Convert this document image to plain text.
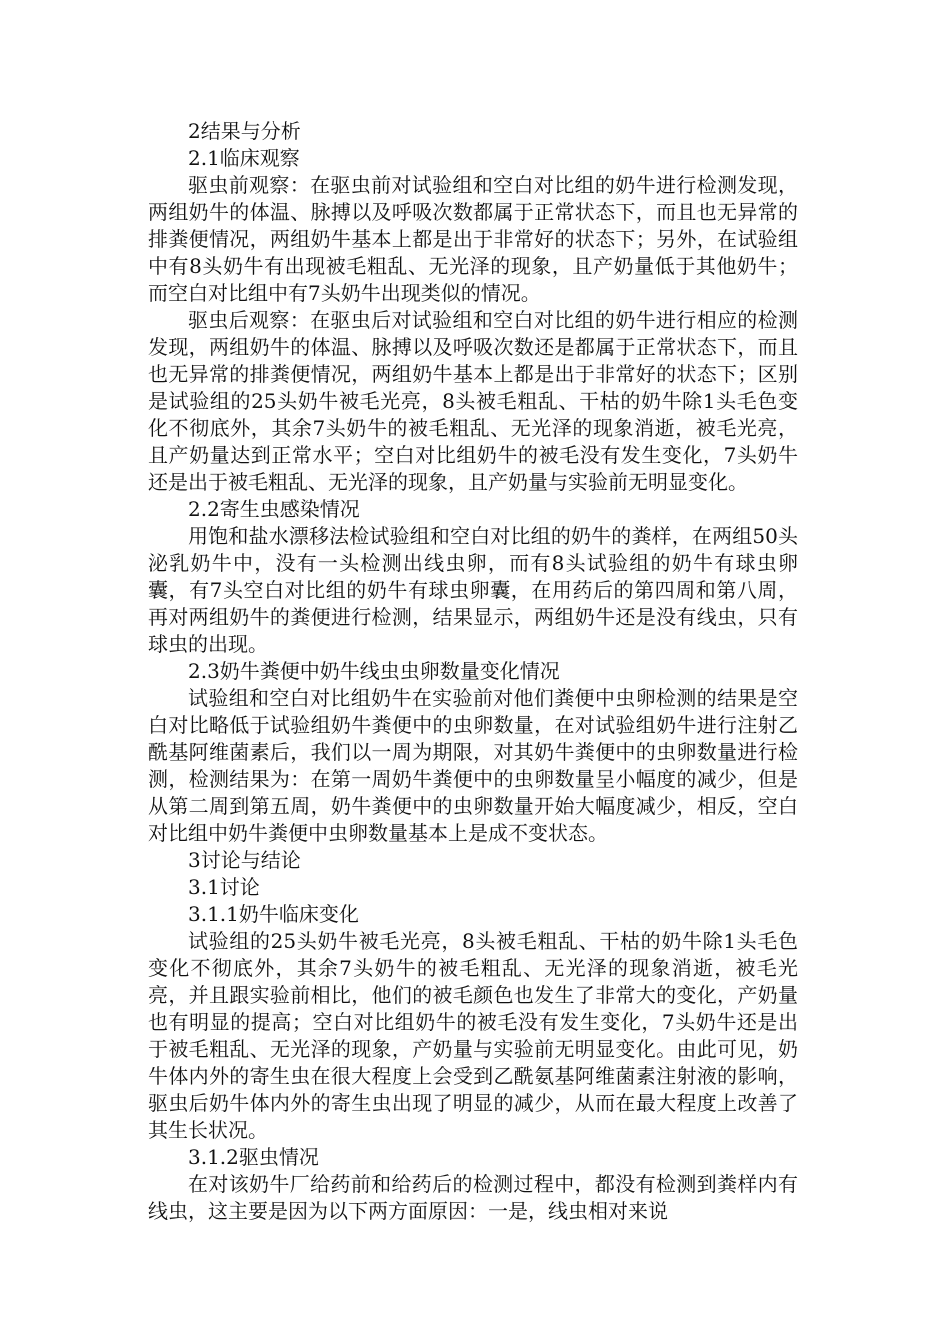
2结果与分析

2.1临床观察

驱虫前观察：在驱虫前对试验组和空白对比组的奶牛进行检测发现，两组奶牛的体温、脉搏以及呼吸次数都属于正常状态下，而且也无异常的排粪便情况，两组奶牛基本上都是出于非常好的状态下；另外，在试验组中有8头奶牛有出现被毛粗乱、无光泽的现象，且产奶量低于其他奶牛；而空白对比组中有7头奶牛出现类似的情况。

驱虫后观察：在驱虫后对试验组和空白对比组的奶牛进行相应的检测发现，两组奶牛的体温、脉搏以及呼吸次数还是都属于正常状态下，而且也无异常的排粪便情况，两组奶牛基本上都是出于非常好的状态下；区别是试验组的25头奶牛被毛光亮，8头被毛粗乱、干枯的奶牛除1头毛色变化不彻底外，其余7头奶牛的被毛粗乱、无光泽的现象消逝，被毛光亮，且产奶量达到正常水平；空白对比组奶牛的被毛没有发生变化，7头奶牛还是出于被毛粗乱、无光泽的现象，且产奶量与实验前无明显变化。

2.2寄生虫感染情况

用饱和盐水漂移法检试验组和空白对比组的奶牛的粪样，在两组50头泌乳奶牛中，没有一头检测出线虫卵，而有8头试验组的奶牛有球虫卵囊，有7头空白对比组的奶牛有球虫卵囊，在用药后的第四周和第八周，再对两组奶牛的粪便进行检测，结果显示，两组奶牛还是没有线虫，只有球虫的出现。

2.3奶牛粪便中奶牛线虫虫卵数量变化情况

试验组和空白对比组奶牛在实验前对他们粪便中虫卵检测的结果是空白对比略低于试验组奶牛粪便中的虫卵数量，在对试验组奶牛进行注射乙酰基阿维菌素后，我们以一周为期限，对其奶牛粪便中的虫卵数量进行检测，检测结果为：在第一周奶牛粪便中的虫卵数量呈小幅度的减少，但是从第二周到第五周，奶牛粪便中的虫卵数量开始大幅度减少，相反，空白对比组中奶牛粪便中虫卵数量基本上是成不变状态。

3讨论与结论

3.1讨论

3.1.1奶牛临床变化

试验组的25头奶牛被毛光亮，8头被毛粗乱、干枯的奶牛除1头毛色变化不彻底外，其余7头奶牛的被毛粗乱、无光泽的现象消逝，被毛光亮，并且跟实验前相比，他们的被毛颜色也发生了非常大的变化，产奶量也有明显的提高；空白对比组奶牛的被毛没有发生变化，7头奶牛还是出于被毛粗乱、无光泽的现象，产奶量与实验前无明显变化。由此可见，奶牛体内外的寄生虫在很大程度上会受到乙酰氨基阿维菌素注射液的影响，驱虫后奶牛体内外的寄生虫出现了明显的减少，从而在最大程度上改善了其生长状况。

3.1.2驱虫情况

在对该奶牛厂给药前和给药后的检测过程中，都没有检测到粪样内有线虫，这主要是因为以下两方面原因：一是，线虫相对来说
